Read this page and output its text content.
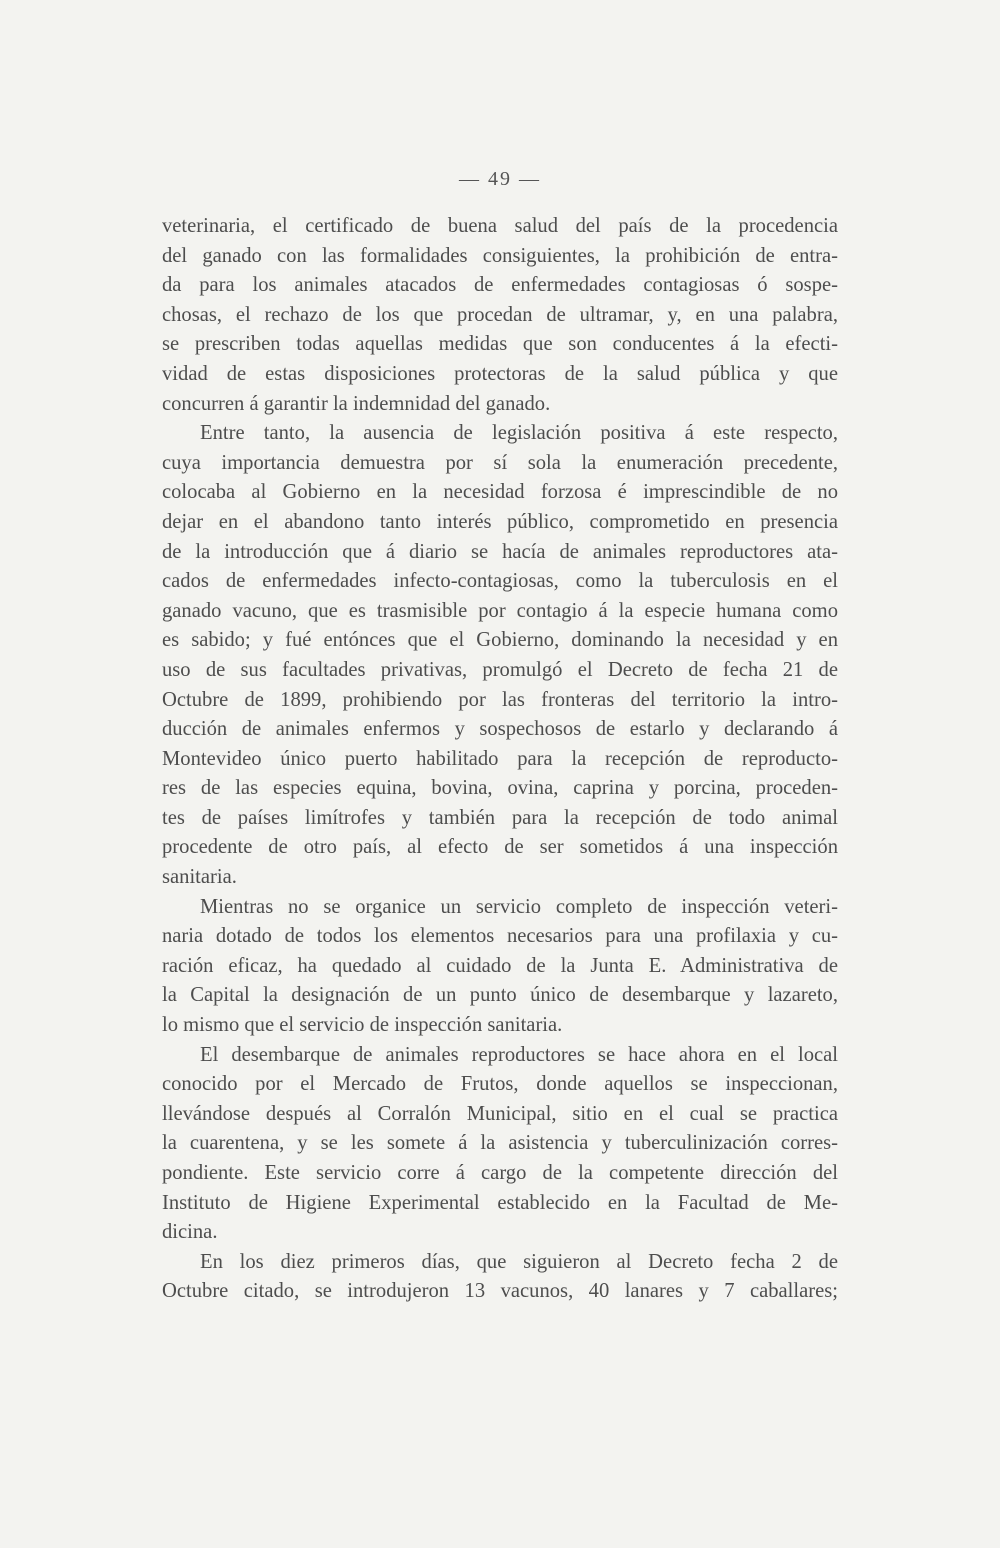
— 49 —
veterinaria, el certificado de buena salud del país de la procedencia
del ganado con las formalidades consiguientes, la prohibición de entra-
da para los animales atacados de enfermedades contagiosas ó sospe-
chosas, el rechazo de los que procedan de ultramar, y, en una palabra,
se prescriben todas aquellas medidas que son conducentes á la efecti-
vidad de estas disposiciones protectoras de la salud pública y que
concurren á garantir la indemnidad del ganado.
Entre tanto, la ausencia de legislación positiva á este respecto,
cuya importancia demuestra por sí sola la enumeración precedente,
colocaba al Gobierno en la necesidad forzosa é imprescindible de no
dejar en el abandono tanto interés público, comprometido en presencia
de la introducción que á diario se hacía de animales reproductores ata-
cados de enfermedades infecto-contagiosas, como la tuberculosis en el
ganado vacuno, que es trasmisible por contagio á la especie humana como
es sabido; y fué entónces que el Gobierno, dominando la necesidad y en
uso de sus facultades privativas, promulgó el Decreto de fecha 21 de
Octubre de 1899, prohibiendo por las fronteras del territorio la intro-
ducción de animales enfermos y sospechosos de estarlo y declarando á
Montevideo único puerto habilitado para la recepción de reproducto-
res de las especies equina, bovina, ovina, caprina y porcina, proceden-
tes de países limítrofes y también para la recepción de todo animal
procedente de otro país, al efecto de ser sometidos á una inspección
sanitaria.
Mientras no se organice un servicio completo de inspección veteri-
naria dotado de todos los elementos necesarios para una profilaxia y cu-
ración eficaz, ha quedado al cuidado de la Junta E. Administrativa de
la Capital la designación de un punto único de desembarque y lazareto,
lo mismo que el servicio de inspección sanitaria.
El desembarque de animales reproductores se hace ahora en el local
conocido por el Mercado de Frutos, donde aquellos se inspeccionan,
llevándose después al Corralón Municipal, sitio en el cual se practica
la cuarentena, y se les somete á la asistencia y tuberculinización corres-
pondiente. Este servicio corre á cargo de la competente dirección del
Instituto de Higiene Experimental establecido en la Facultad de Me-
dicina.
En los diez primeros días, que siguieron al Decreto fecha 2 de
Octubre citado, se introdujeron 13 vacunos, 40 lanares y 7 caballares;
